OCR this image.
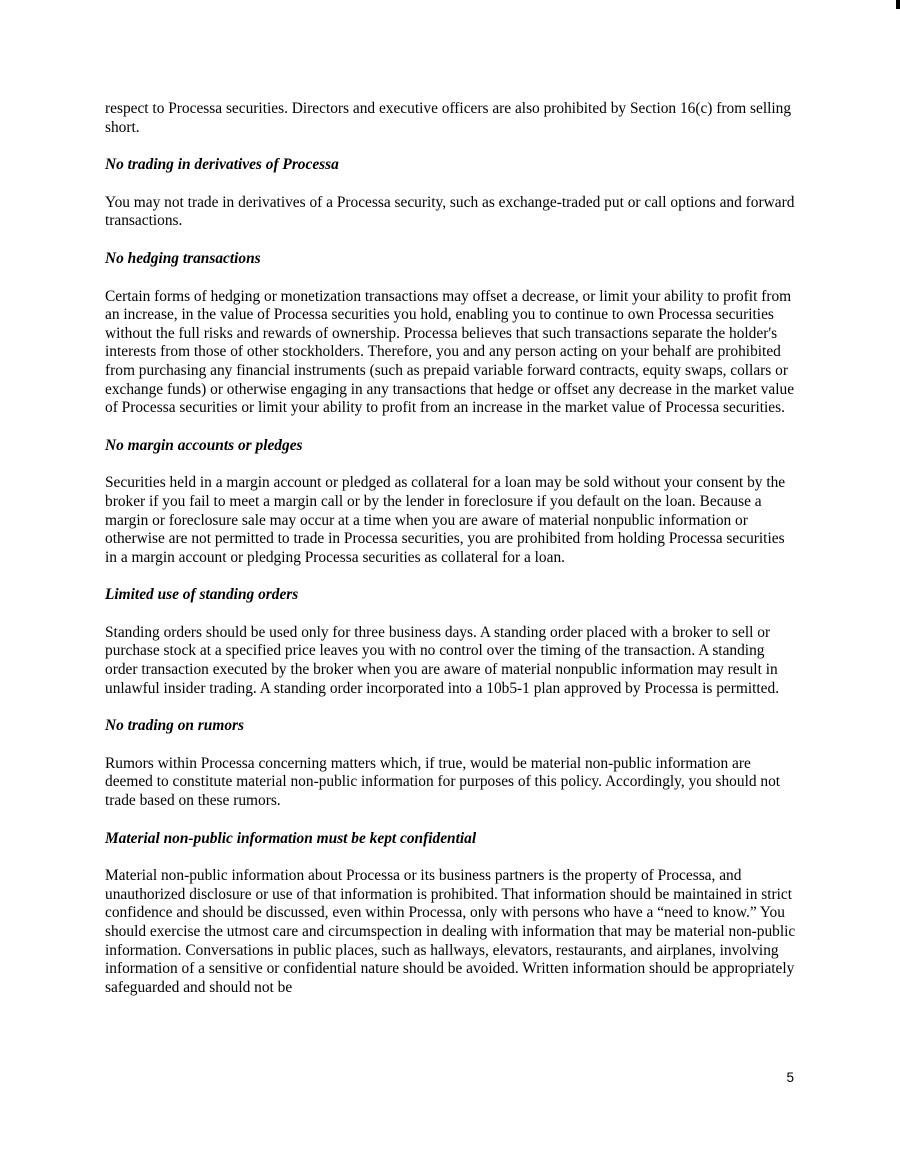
respect to Processa securities. Directors and executive officers are also prohibited by Section 16(c) from selling short.

No trading in derivatives of Processa

You may not trade in derivatives of a Processa security, such as exchange-traded put or call options and forward transactions.

No hedging transactions

Certain forms of hedging or monetization transactions may offset a decrease, or limit your ability to profit from an increase, in the value of Processa securities you hold, enabling you to continue to own Processa securities without the full risks and rewards of ownership. Processa believes that such transactions separate the holder's interests from those of other stockholders. Therefore, you and any person acting on your behalf are prohibited from purchasing any financial instruments (such as prepaid variable forward contracts, equity swaps, collars or exchange funds) or otherwise engaging in any transactions that hedge or offset any decrease in the market value of Processa securities or limit your ability to profit from an increase in the market value of Processa securities.

No margin accounts or pledges

Securities held in a margin account or pledged as collateral for a loan may be sold without your consent by the broker if you fail to meet a margin call or by the lender in foreclosure if you default on the loan. Because a margin or foreclosure sale may occur at a time when you are aware of material nonpublic information or otherwise are not permitted to trade in Processa securities, you are prohibited from holding Processa securities in a margin account or pledging Processa securities as collateral for a loan.

Limited use of standing orders

Standing orders should be used only for three business days. A standing order placed with a broker to sell or purchase stock at a specified price leaves you with no control over the timing of the transaction. A standing order transaction executed by the broker when you are aware of material nonpublic information may result in unlawful insider trading. A standing order incorporated into a 10b5-1 plan approved by Processa is permitted.

No trading on rumors

Rumors within Processa concerning matters which, if true, would be material non-public information are deemed to constitute material non-public information for purposes of this policy. Accordingly, you should not trade based on these rumors.

Material non-public information must be kept confidential

Material non-public information about Processa or its business partners is the property of Processa, and unauthorized disclosure or use of that information is prohibited. That information should be maintained in strict confidence and should be discussed, even within Processa, only with persons who have a “need to know.” You should exercise the utmost care and circumspection in dealing with information that may be material non-public information. Conversations in public places, such as hallways, elevators, restaurants, and airplanes, involving information of a sensitive or confidential nature should be avoided. Written information should be appropriately safeguarded and should not be

5
